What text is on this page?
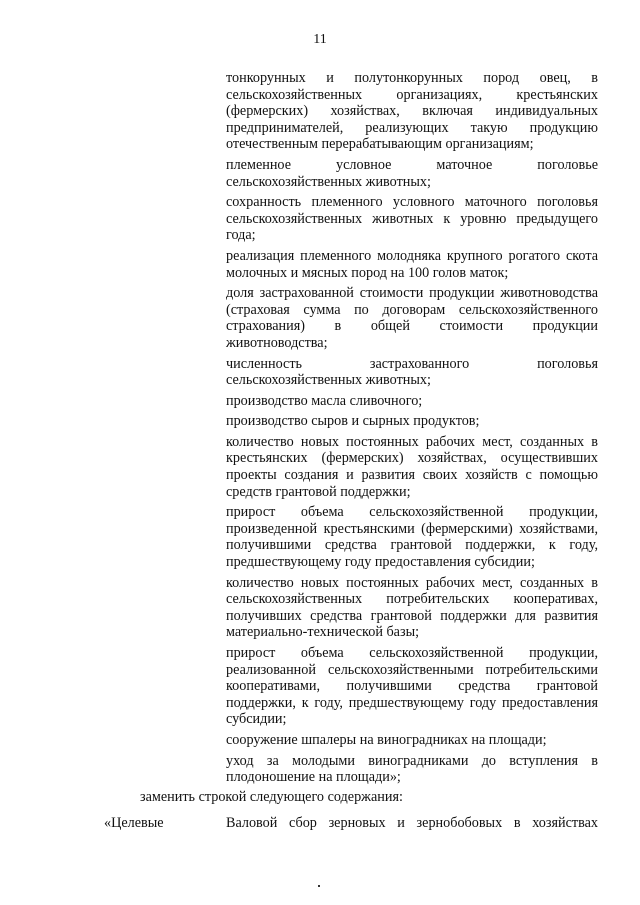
11

тонкорунных и полутонкорунных пород овец, в сельскохозяйственных организациях, крестьянских (фермерских) хозяйствах, включая индивидуальных предпринимателей, реализующих такую продукцию отечественным перерабатывающим организациям;

племенное условное маточное поголовье сельскохозяйственных животных;

сохранность племенного условного маточного поголовья сельскохозяйственных животных к уровню предыдущего года;

реализация племенного молодняка крупного рогатого скота молочных и мясных пород на 100 голов маток;

доля застрахованной стоимости продукции животноводства (страховая сумма по договорам сельскохозяйственного страхования) в общей стоимости продукции животноводства;

численность застрахованного поголовья сельскохозяйственных животных;

производство масла сливочного;

производство сыров и сырных продуктов;

количество новых постоянных рабочих мест, созданных в крестьянских (фермерских) хозяйствах, осуществивших проекты создания и развития своих хозяйств с помощью средств грантовой поддержки;

прирост объема сельскохозяйственной продукции, произведенной крестьянскими (фермерскими) хозяйствами, получившими средства грантовой поддержки, к году, предшествующему году предоставления субсидии;

количество новых постоянных рабочих мест, созданных в сельскохозяйственных потребительских кооперативах, получивших средства грантовой поддержки для развития материально-технической базы;

прирост объема сельскохозяйственной продукции, реализованной сельскохозяйственными потребительскими кооперативами, получившими средства грантовой поддержки, к году, предшествующему году предоставления субсидии;

сооружение шпалеры на виноградниках на площади;

уход за молодыми виноградниками до вступления в плодоношение на площади»;

заменить строкой следующего содержания:
«Целевые	Валовой сбор зерновых и зернобобовых в хозяйствах
